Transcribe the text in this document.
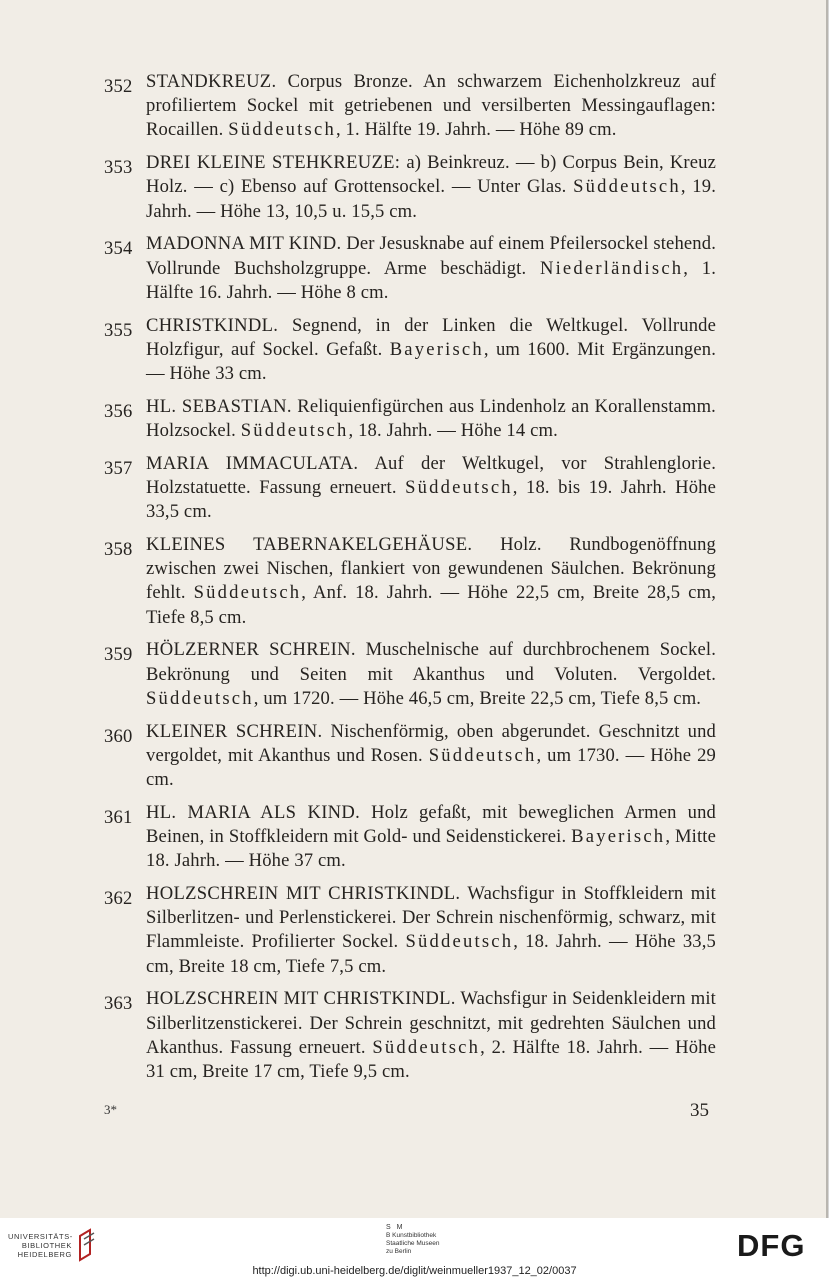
352 STANDKREUZ. Corpus Bronze. An schwarzem Eichenholzkreuz auf profiliertem Sockel mit getriebenen und versilberten Messingauflagen: Rocaillen. Süddeutsch, 1. Hälfte 19. Jahrh. — Höhe 89 cm.
353 DREI KLEINE STEHKREUZE: a) Beinkreuz. — b) Corpus Bein, Kreuz Holz. — c) Ebenso auf Grottensockel. — Unter Glas. Süddeutsch, 19. Jahrh. — Höhe 13, 10,5 u. 15,5 cm.
354 MADONNA MIT KIND. Der Jesusknabe auf einem Pfeilersockel stehend. Vollrunde Buchsholzgruppe. Arme beschädigt. Niederländisch, 1. Hälfte 16. Jahrh. — Höhe 8 cm.
355 CHRISTKINDL. Segnend, in der Linken die Weltkugel. Vollrunde Holzfigur, auf Sockel. Gefaßt. Bayerisch, um 1600. Mit Ergänzungen. — Höhe 33 cm.
356 HL. SEBASTIAN. Reliquienfigürchen aus Lindenholz an Korallenstamm. Holzsockel. Süddeutsch, 18. Jahrh. — Höhe 14 cm.
357 MARIA IMMACULATA. Auf der Weltkugel, vor Strahlenglorie. Holzstatuette. Fassung erneuert. Süddeutsch, 18. bis 19. Jahrh. Höhe 33,5 cm.
358 KLEINES TABERNAKELGEHÄUSE. Holz. Rundbogenöffnung zwischen zwei Nischen, flankiert von gewundenen Säulchen. Bekrönung fehlt. Süddeutsch, Anf. 18. Jahrh. — Höhe 22,5 cm, Breite 28,5 cm, Tiefe 8,5 cm.
359 HÖLZERNER SCHREIN. Muschelnische auf durchbrochenem Sockel. Bekrönung und Seiten mit Akanthus und Voluten. Vergoldet. Süddeutsch, um 1720. — Höhe 46,5 cm, Breite 22,5 cm, Tiefe 8,5 cm.
360 KLEINER SCHREIN. Nischenförmig, oben abgerundet. Geschnitzt und vergoldet, mit Akanthus und Rosen. Süddeutsch, um 1730. — Höhe 29 cm.
361 HL. MARIA ALS KIND. Holz gefaßt, mit beweglichen Armen und Beinen, in Stoffkleidern mit Gold- und Seidenstickerei. Bayerisch, Mitte 18. Jahrh. — Höhe 37 cm.
362 HOLZSCHREIN MIT CHRISTKINDL. Wachsfigur in Stoffkleidern mit Silberlitzen- und Perlenstickerei. Der Schrein nischenförmig, schwarz, mit Flammleiste. Profilierter Sockel. Süddeutsch, 18. Jahrh. — Höhe 33,5 cm, Breite 18 cm, Tiefe 7,5 cm.
363 HOLZSCHREIN MIT CHRISTKINDL. Wachsfigur in Seidenkleidern mit Silberlitzenstickerei. Der Schrein geschnitzt, mit gedrehten Säulchen und Akanthus. Fassung erneuert. Süddeutsch, 2. Hälfte 18. Jahrh. — Höhe 31 cm, Breite 17 cm, Tiefe 9,5 cm.
3*	35
UNIVERSITÄTS-
BIBLIOTHEK
HEIDELBERG
S M
B Kunstbibliothek
Staatliche Museen
zu Berlin	DFG
http://digi.ub.uni-heidelberg.de/diglit/weinmueller1937_12_02/0037
